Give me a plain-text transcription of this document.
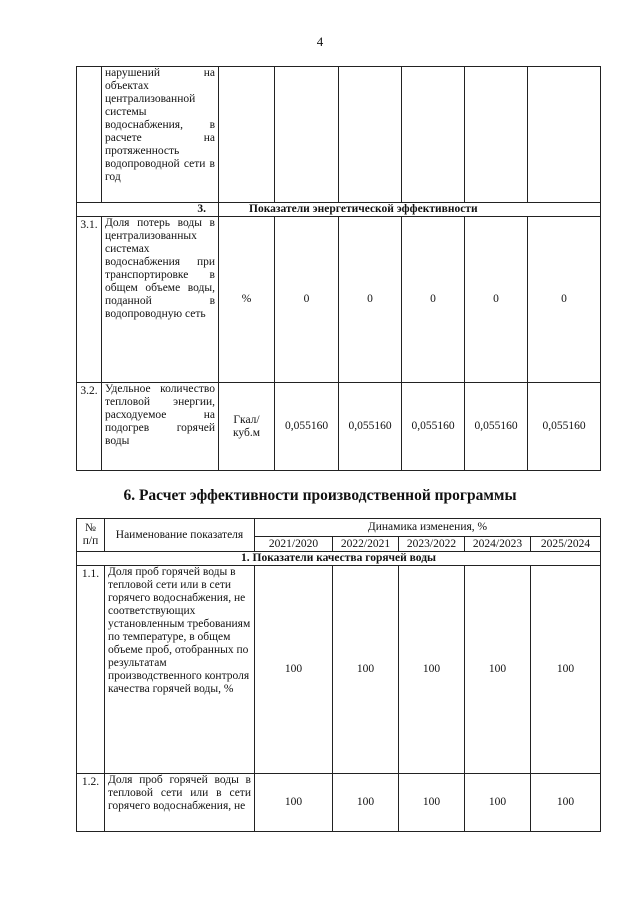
4
	нарушений на объектах централизованной системы водоснабжения, в расчете на протяженность водопроводной сети в год						
3.		Показатели энергетической эффективности					
3.1.	Доля потерь воды в централизованных системах водоснабжения при транспортировке в общем объеме воды, поданной в водопроводную сеть	%	0	0	0	0	0
3.2.	Удельное количество тепловой энергии, расходуемое на подогрев горячей воды	Гкал/ куб.м	0,055160	0,055160	0,055160	0,055160	0,055160
6. Расчет эффективности производственной программы
№ п/п	Наименование показателя	Динамика изменения, %				
		2021/2020	2022/2021	2023/2022	2024/2023	2025/2024
1. Показатели качества горячей воды						
1.1.	Доля проб горячей воды в тепловой сети или в сети горячего водоснабжения, не соответствующих установленным требованиям по температуре, в общем объеме проб, отобранных по результатам производственного контроля качества горячей воды, %	100	100	100	100	100
1.2.	Доля проб горячей воды в тепловой сети или в сети горячего водоснабжения, не	100	100	100	100	100
